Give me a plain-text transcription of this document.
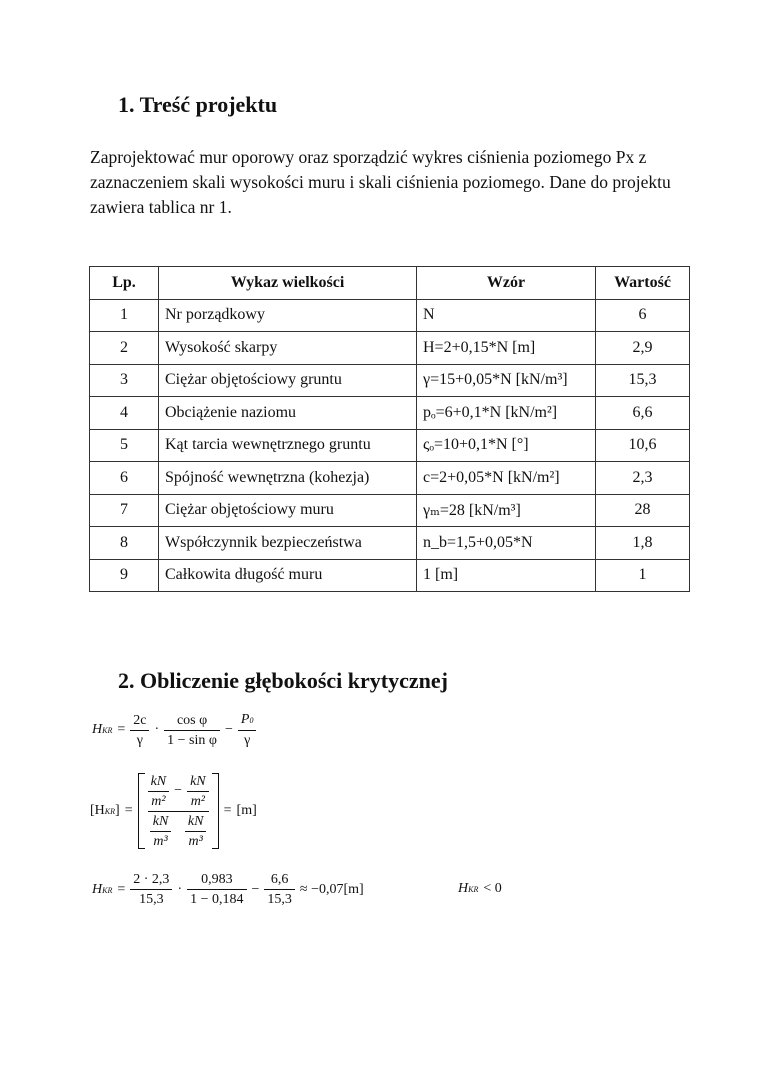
1. Treść projektu
Zaprojektować mur oporowy oraz sporządzić wykres ciśnienia poziomego Px z zaznaczeniem skali wysokości muru i skali ciśnienia poziomego. Dane do projektu zawiera tablica nr 1.
Lp.	Wykaz wielkości	Wzór	Wartość
1	Nr porządkowy	N	6
2	Wysokość skarpy	H=2+0,15*N [m]	2,9
3	Ciężar objętościowy gruntu	γ=15+0,05*N [kN/m³]	15,3
4	Obciążenie naziomu	pₒ=6+0,1*N [kN/m²]	6,6
5	Kąt tarcia wewnętrznego gruntu	ςₒ=10+0,1*N [°]	10,6
6	Spójność wewnętrzna (kohezja)	c=2+0,05*N [kN/m²]	2,3
7	Ciężar objętościowy muru	γₘ=28 [kN/m³]	28
8	Współczynnik bezpieczeństwa	n_b=1,5+0,05*N	1,8
9	Całkowita długość muru	1 [m]	1
2. Obliczenie głębokości krytycznej
HKR = $\frac{2c}{\gamma} \cdot \frac{\text{cos φ}}{\text{1 − sin φ}} - \frac{P0}{\gamma}$
[HKR] =	$\frac{kN}{\text{m²}} - \frac{kN}{\text{m²}}$
$\frac{kN}{\text{m³}}$
$\frac{kN}{\text{m³}}$
= [m]
HKR = $\frac{2 \cdot 2,3}{15,3} \cdot \frac{0,983}{1 - 0,184} - \frac{6,6}{15,3} \approx -0,07[m]$	HKR < 0
